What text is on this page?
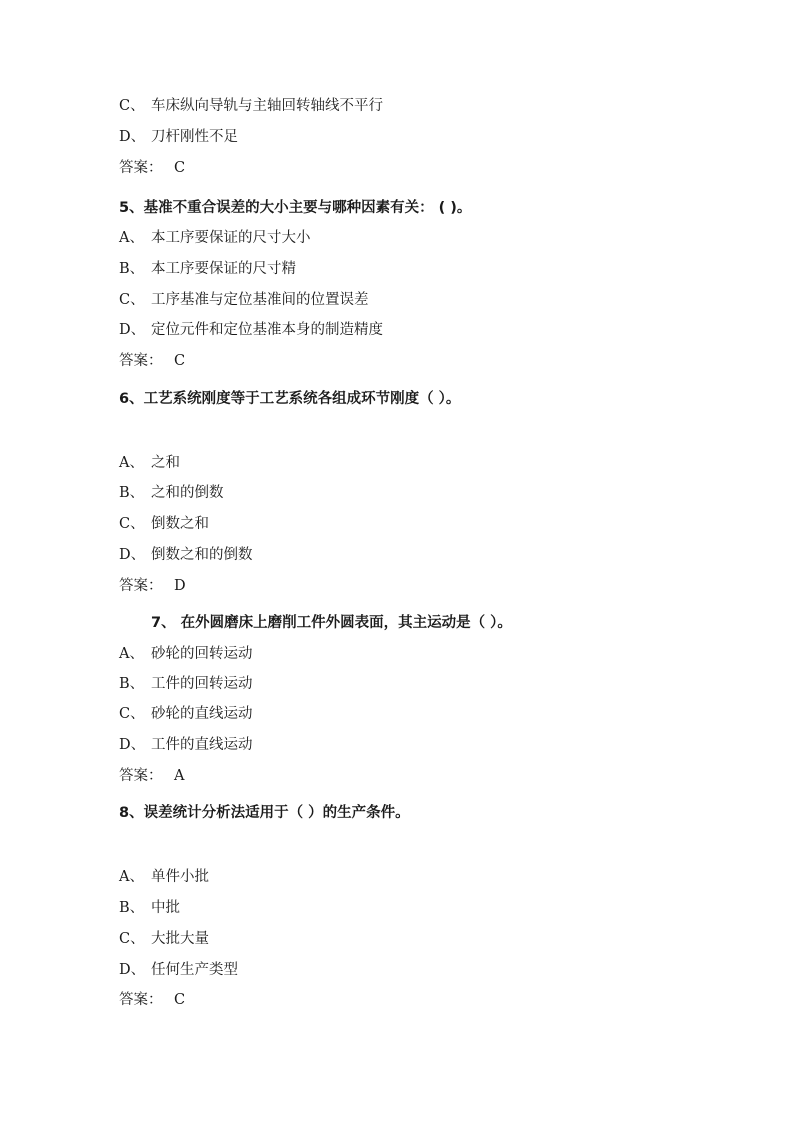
C、 车床纵向导轨与主轴回转轴线不平行
D、 刀杆刚性不足
答案： C
5、基准不重合误差的大小主要与哪种因素有关： ( )。
A、 本工序要保证的尺寸大小
B、 本工序要保证的尺寸精
C、 工序基准与定位基准间的位置误差
D、 定位元件和定位基准本身的制造精度
答案： C
6、工艺系统刚度等于工艺系统各组成环节刚度（ ）。
A、 之和
B、 之和的倒数
C、 倒数之和
D、 倒数之和的倒数
答案： D
7、 在外圆磨床上磨削工件外圆表面，其主运动是（ ）。
A、 砂轮的回转运动
B、 工件的回转运动
C、 砂轮的直线运动
D、 工件的直线运动
答案： A
8、误差统计分析法适用于（ ）的生产条件。
A、 单件小批
B、 中批
C、 大批大量
D、 任何生产类型
答案： C
